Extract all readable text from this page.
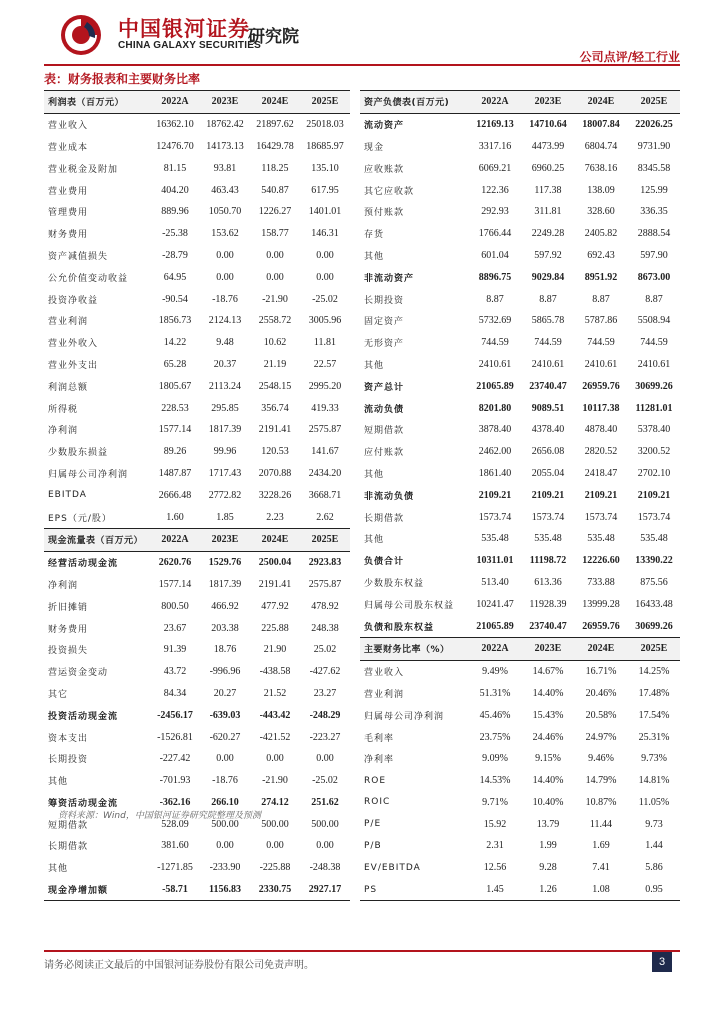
中国银河证券
CHINA GALAXY SECURITIES
研究院
公司点评/轻工行业
表：财务报表和主要财务比率
利润表（百万元）	2022A	2023E	2024E	2025E
营业收入	16362.10	18762.42	21897.62	25018.03
营业成本	12476.70	14173.13	16429.78	18685.97
营业税金及附加	81.15	93.81	118.25	135.10
营业费用	404.20	463.43	540.87	617.95
管理费用	889.96	1050.70	1226.27	1401.01
财务费用	-25.38	153.62	158.77	146.31
资产减值损失	-28.79	0.00	0.00	0.00
公允价值变动收益	64.95	0.00	0.00	0.00
投资净收益	-90.54	-18.76	-21.90	-25.02
营业利润	1856.73	2124.13	2558.72	3005.96
营业外收入	14.22	9.48	10.62	11.81
营业外支出	65.28	20.37	21.19	22.57
利润总额	1805.67	2113.24	2548.15	2995.20
所得税	228.53	295.85	356.74	419.33
净利润	1577.14	1817.39	2191.41	2575.87
少数股东损益	89.26	99.96	120.53	141.67
归属母公司净利润	1487.87	1717.43	2070.88	2434.20
EBITDA	2666.48	2772.82	3228.26	3668.71
EPS（元/股）	1.60	1.85	2.23	2.62
现金流量表（百万元）	2022A	2023E	2024E	2025E
经营活动现金流	2620.76	1529.76	2500.04	2923.83
净利润	1577.14	1817.39	2191.41	2575.87
折旧摊销	800.50	466.92	477.92	478.92
财务费用	23.67	203.38	225.88	248.38
投资损失	91.39	18.76	21.90	25.02
营运资金变动	43.72	-996.96	-438.58	-427.62
其它	84.34	20.27	21.52	23.27
投资活动现金流	-2456.17	-639.03	-443.42	-248.29
资本支出	-1526.81	-620.27	-421.52	-223.27
长期投资	-227.42	0.00	0.00	0.00
其他	-701.93	-18.76	-21.90	-25.02
筹资活动现金流	-362.16	266.10	274.12	251.62
短期借款	528.09	500.00	500.00	500.00
长期借款	381.60	0.00	0.00	0.00
其他	-1271.85	-233.90	-225.88	-248.38
现金净增加额	-58.71	1156.83	2330.75	2927.17
资产负债表(百万元)	2022A	2023E	2024E	2025E
流动资产	12169.13	14710.64	18007.84	22026.25
现金	3317.16	4473.99	6804.74	9731.90
应收账款	6069.21	6960.25	7638.16	8345.58
其它应收款	122.36	117.38	138.09	125.99
预付账款	292.93	311.81	328.60	336.35
存货	1766.44	2249.28	2405.82	2888.54
其他	601.04	597.92	692.43	597.90
非流动资产	8896.75	9029.84	8951.92	8673.00
长期投资	8.87	8.87	8.87	8.87
固定资产	5732.69	5865.78	5787.86	5508.94
无形资产	744.59	744.59	744.59	744.59
其他	2410.61	2410.61	2410.61	2410.61
资产总计	21065.89	23740.47	26959.76	30699.26
流动负债	8201.80	9089.51	10117.38	11281.01
短期借款	3878.40	4378.40	4878.40	5378.40
应付账款	2462.00	2656.08	2820.52	3200.52
其他	1861.40	2055.04	2418.47	2702.10
非流动负债	2109.21	2109.21	2109.21	2109.21
长期借款	1573.74	1573.74	1573.74	1573.74
其他	535.48	535.48	535.48	535.48
负债合计	10311.01	11198.72	12226.60	13390.22
少数股东权益	513.40	613.36	733.88	875.56
归属母公司股东权益	10241.47	11928.39	13999.28	16433.48
负债和股东权益	21065.89	23740.47	26959.76	30699.26
主要财务比率（%）	2022A	2023E	2024E	2025E
营业收入	9.49%	14.67%	16.71%	14.25%
营业利润	51.31%	14.40%	20.46%	17.48%
归属母公司净利润	45.46%	15.43%	20.58%	17.54%
毛利率	23.75%	24.46%	24.97%	25.31%
净利率	9.09%	9.15%	9.46%	9.73%
ROE	14.53%	14.40%	14.79%	14.81%
ROIC	9.71%	10.40%	10.87%	11.05%
P/E	15.92	13.79	11.44	9.73
P/B	2.31	1.99	1.69	1.44
EV/EBITDA	12.56	9.28	7.41	5.86
PS	1.45	1.26	1.08	0.95
资料来源：Wind，中国银河证券研究院整理及预测
请务必阅读正文最后的中国银河证券股份有限公司免责声明。	3
